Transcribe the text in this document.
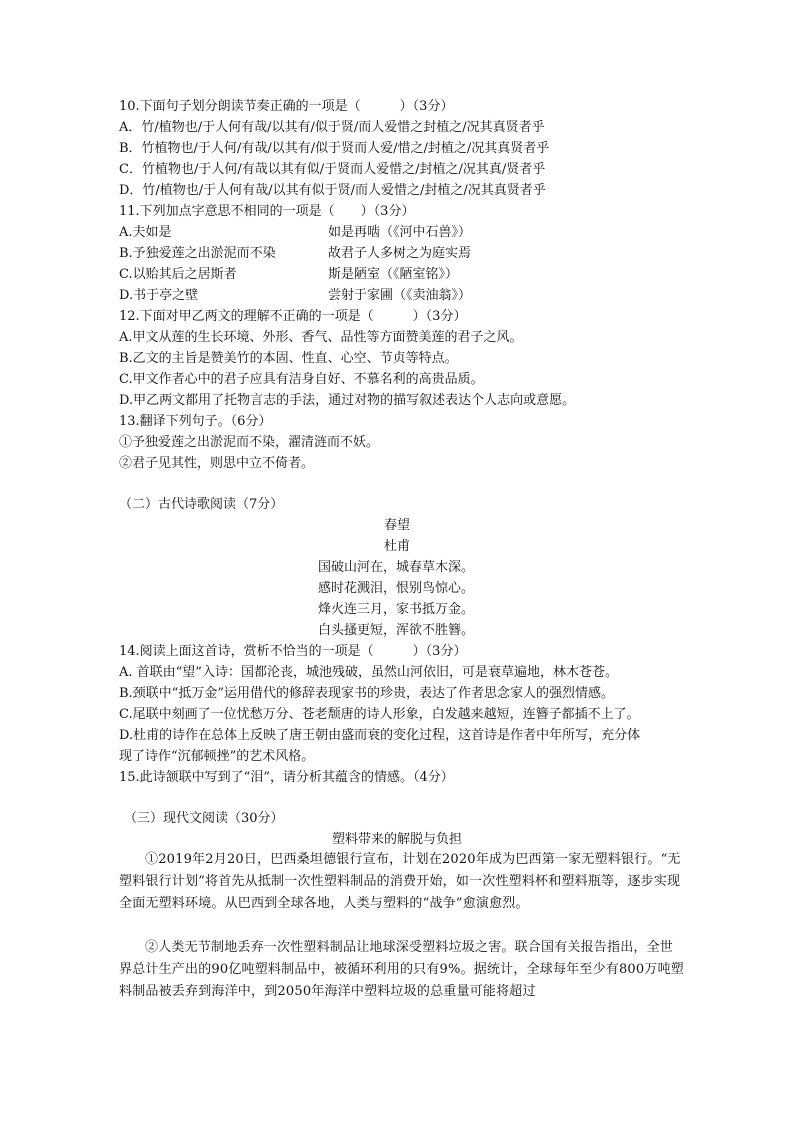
10.下面句子划分朗读节奏正确的一项是（　　　）（3分）
A．竹/植物也/于人何有哉/以其有/似于贤/而人爱惜之封植之/况其真贤者乎
B．竹植物也/于人何/有哉/以其有/似于贤而人爱/惜之/封植之/况其真贤者乎
C．竹植物也/于人何/有哉以其有似/于贤而人爱惜之/封植之/况其真/贤者乎
D．竹/植物也/于人何有哉/以其有似于贤/而人爱惜之/封植之/况其真贤者乎
11.下列加点字意思不相同的一项是（　　）（3分）
A.夫如是	如是再啮（《河中石兽》）
B.予独爱莲之出淤泥而不染	故君子人多树之为庭实焉
C.以贻其后之居斯者	斯是陋室（《陋室铭》）
D.书于亭之壁	尝射于家圃（《卖油翁》）
12.下面对甲乙两文的理解不正确的一项是（　　　）（3分）
A.甲文从莲的生长环境、外形、香气、品性等方面赞美莲的君子之风。
B.乙文的主旨是赞美竹的本固、性直、心空、节贞等特点。
C.甲文作者心中的君子应具有洁身自好、不慕名利的高贵品质。
D.甲乙两文都用了托物言志的手法，通过对物的描写叙述表达个人志向或意愿。
13.翻译下列句子。（6分）
①予独爱莲之出淤泥而不染，濯清涟而不妖。
②君子见其性，则思中立不倚者。
（二）古代诗歌阅读（7分）
春望
杜甫
国破山河在，城春草木深。
感时花溅泪，恨别鸟惊心。
烽火连三月，家书抵万金。
白头搔更短，浑欲不胜簪。
14.阅读上面这首诗，赏析不恰当的一项是（　　　）（3分）
A. 首联由“望”入诗：国都沦丧，城池残破，虽然山河依旧，可是衰草遍地，林木苍苍。
B.颈联中“抵万金”运用借代的修辞表现家书的珍贵，表达了作者思念家人的强烈情感。
C.尾联中刻画了一位忧愁万分、苍老颓唐的诗人形象，白发越来越短，连簪子都插不上了。
D.杜甫的诗作在总体上反映了唐王朝由盛而衰的变化过程，这首诗是作者中年所写，充分体
现了诗作“沉郁顿挫”的艺术风格。
15.此诗颔联中写到了“泪”，请分析其蕴含的情感。（4分）
（三）现代文阅读（30分）
塑料带来的解脱与负担
①2019年2月20日，巴西桑坦德银行宣布，计划在2020年成为巴西第一家无塑料银行。“无塑料银行计划”将首先从抵制一次性塑料制品的消费开始，如一次性塑料杯和塑料瓶等，逐步实现全面无塑料环境。从巴西到全球各地，人类与塑料的“战争”愈演愈烈。
②人类无节制地丢弃一次性塑料制品让地球深受塑料垃圾之害。联合国有关报告指出，全世界总计生产出的90亿吨塑料制品中，被循环利用的只有9%。据统计，全球每年至少有800万吨塑料制品被丢弃到海洋中，到2050年海洋中塑料垃圾的总重量可能将超过
